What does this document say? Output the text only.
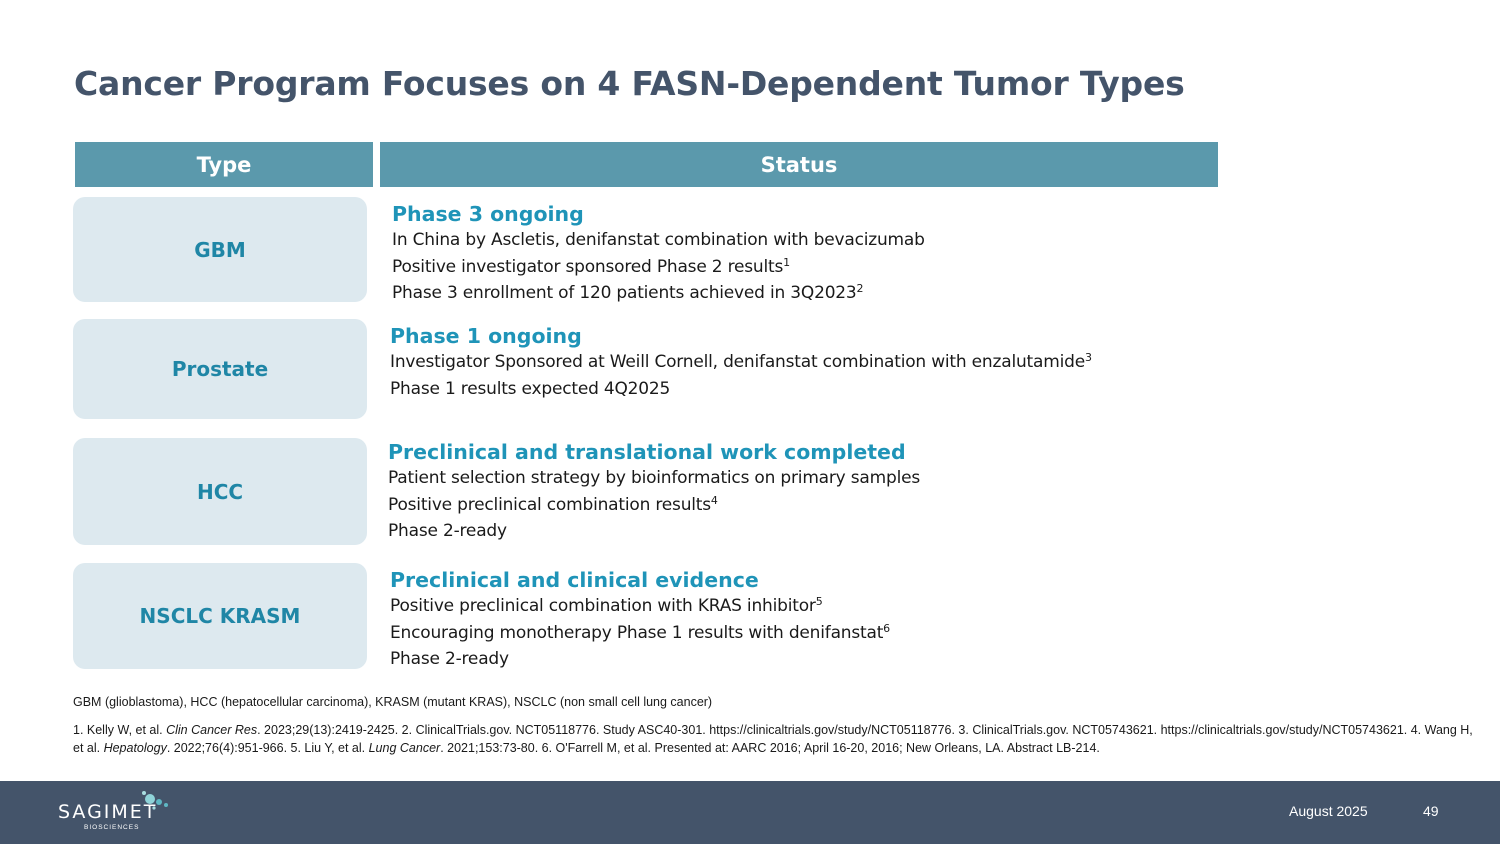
Cancer Program Focuses on 4 FASN-Dependent Tumor Types
Type	Status
GBM
Phase 3 ongoing
In China by Ascletis, denifanstat combination with bevacizumab
Positive investigator sponsored Phase 2 results$^1$
Phase 3 enrollment of 120 patients achieved in 3Q2023$^2$
Prostate
Phase 1 ongoing
Investigator Sponsored at Weill Cornell, denifanstat combination with enzalutamide$^3$
Phase 1 results expected 4Q2025
HCC
Preclinical and translational work completed
Patient selection strategy by bioinformatics on primary samples
Positive preclinical combination results$^4$
Phase 2-ready
NSCLC KRASM
Preclinical and clinical evidence
Positive preclinical combination with KRAS inhibitor$^5$
Encouraging monotherapy Phase 1 results with denifanstat$^6$
Phase 2-ready
GBM (glioblastoma), HCC (hepatocellular carcinoma), KRASM (mutant KRAS), NSCLC (non small cell lung cancer)
1. Kelly W, et al. Clin Cancer Res. 2023;29(13):2419-2425. 2. ClinicalTrials.gov. NCT05118776. Study ASC40-301. https://clinicaltrials.gov/study/NCT05118776. 3. ClinicalTrials.gov. NCT05743621. https://clinicaltrials.gov/study/NCT05743621. 4. Wang H, et al. Hepatology. 2022;76(4):951-966. 5. Liu Y, et al. Lung Cancer. 2021;153:73-80. 6. O'Farrell M, et al. Presented at: AARC 2016; April 16-20, 2016; New Orleans, LA. Abstract LB-214.
SAGIMET
BIOSCIENCES
August 2025	49
